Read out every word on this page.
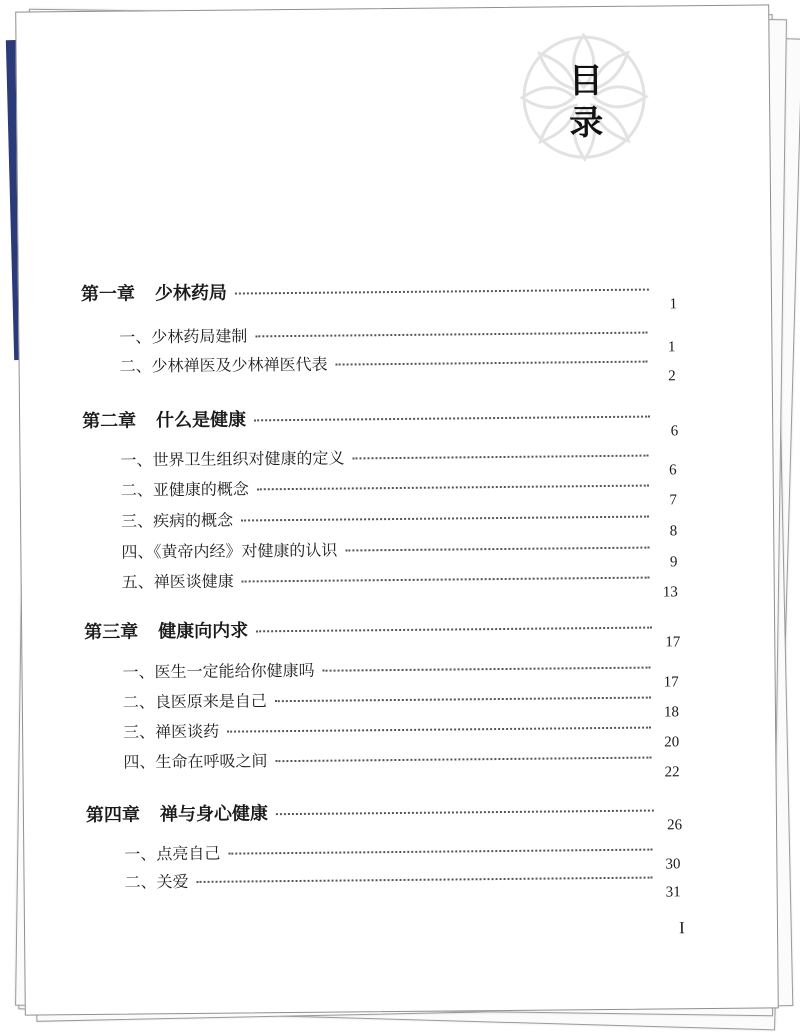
目
录
第一章 少林药局
1
一、少林药局建制
1
二、少林禅医及少林禅医代表
2
第二章 什么是健康
6
一、世界卫生组织对健康的定义
6
二、亚健康的概念
7
三、疾病的概念
8
四、《黄帝内经》对健康的认识
9
五、禅医谈健康
13
第三章 健康向内求
17
一、医生一定能给你健康吗
17
二、良医原来是自己
18
三、禅医谈药
20
四、生命在呼吸之间
22
第四章 禅与身心健康
26
一、点亮自己
30
二、关爱
31
I
